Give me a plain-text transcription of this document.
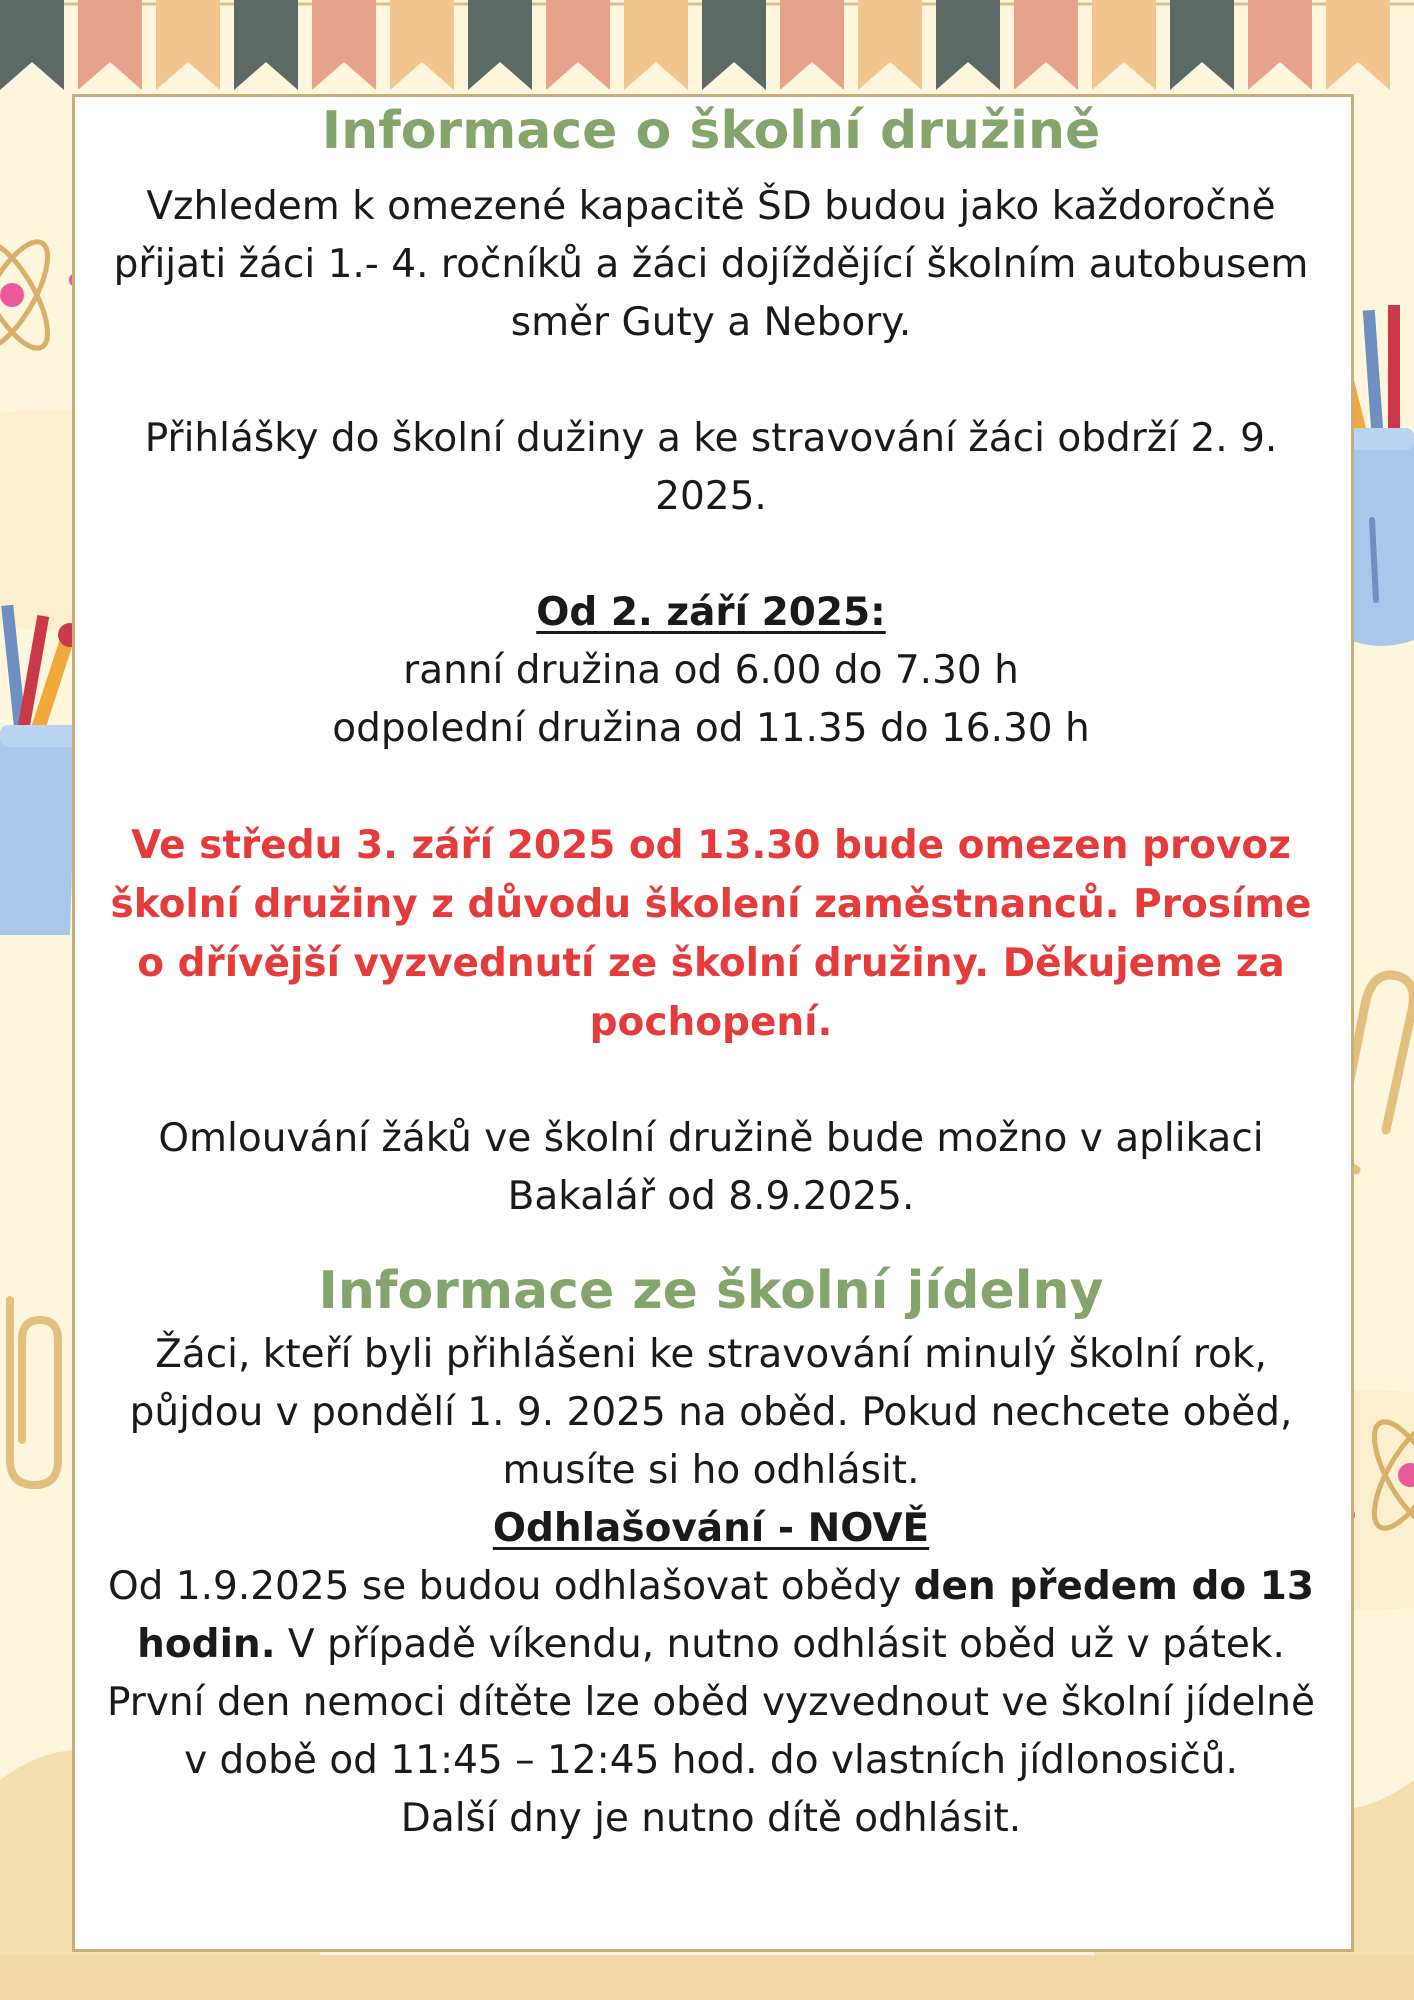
Informace o školní družině

Vzhledem k omezené kapacitě ŠD budou jako každoročně přijati žáci 1.- 4. ročníků a žáci dojíždějící školním autobusem směr Guty a Nebory.

Přihlášky do školní dužiny a ke stravování žáci obdrží 2. 9. 2025.

Od 2. září 2025:

ranní družina od 6.00 do 7.30 h

odpolední družina od 11.35 do 16.30 h

Ve středu 3. září 2025 od 13.30 bude omezen provoz školní družiny z důvodu školení zaměstnanců. Prosíme o dřívější vyzvednutí ze školní družiny. Děkujeme za pochopení.

Omlouvání žáků ve školní družině bude možno v aplikaci Bakalář od 8.9.2025.

Informace ze školní jídelny

Žáci, kteří byli přihlášeni ke stravování minulý školní rok, půjdou v pondělí 1. 9. 2025 na oběd. Pokud nechcete oběd, musíte si ho odhlásit.

Odhlašování - NOVĚ

Od 1.9.2025 se budou odhlašovat obědy den předem do 13 hodin. V případě víkendu, nutno odhlásit oběd už v pátek.

První den nemoci dítěte lze oběd vyzvednout ve školní jídelně v době od 11:45 – 12:45 hod. do vlastních jídlonosičů.

Další dny je nutno dítě odhlásit.
